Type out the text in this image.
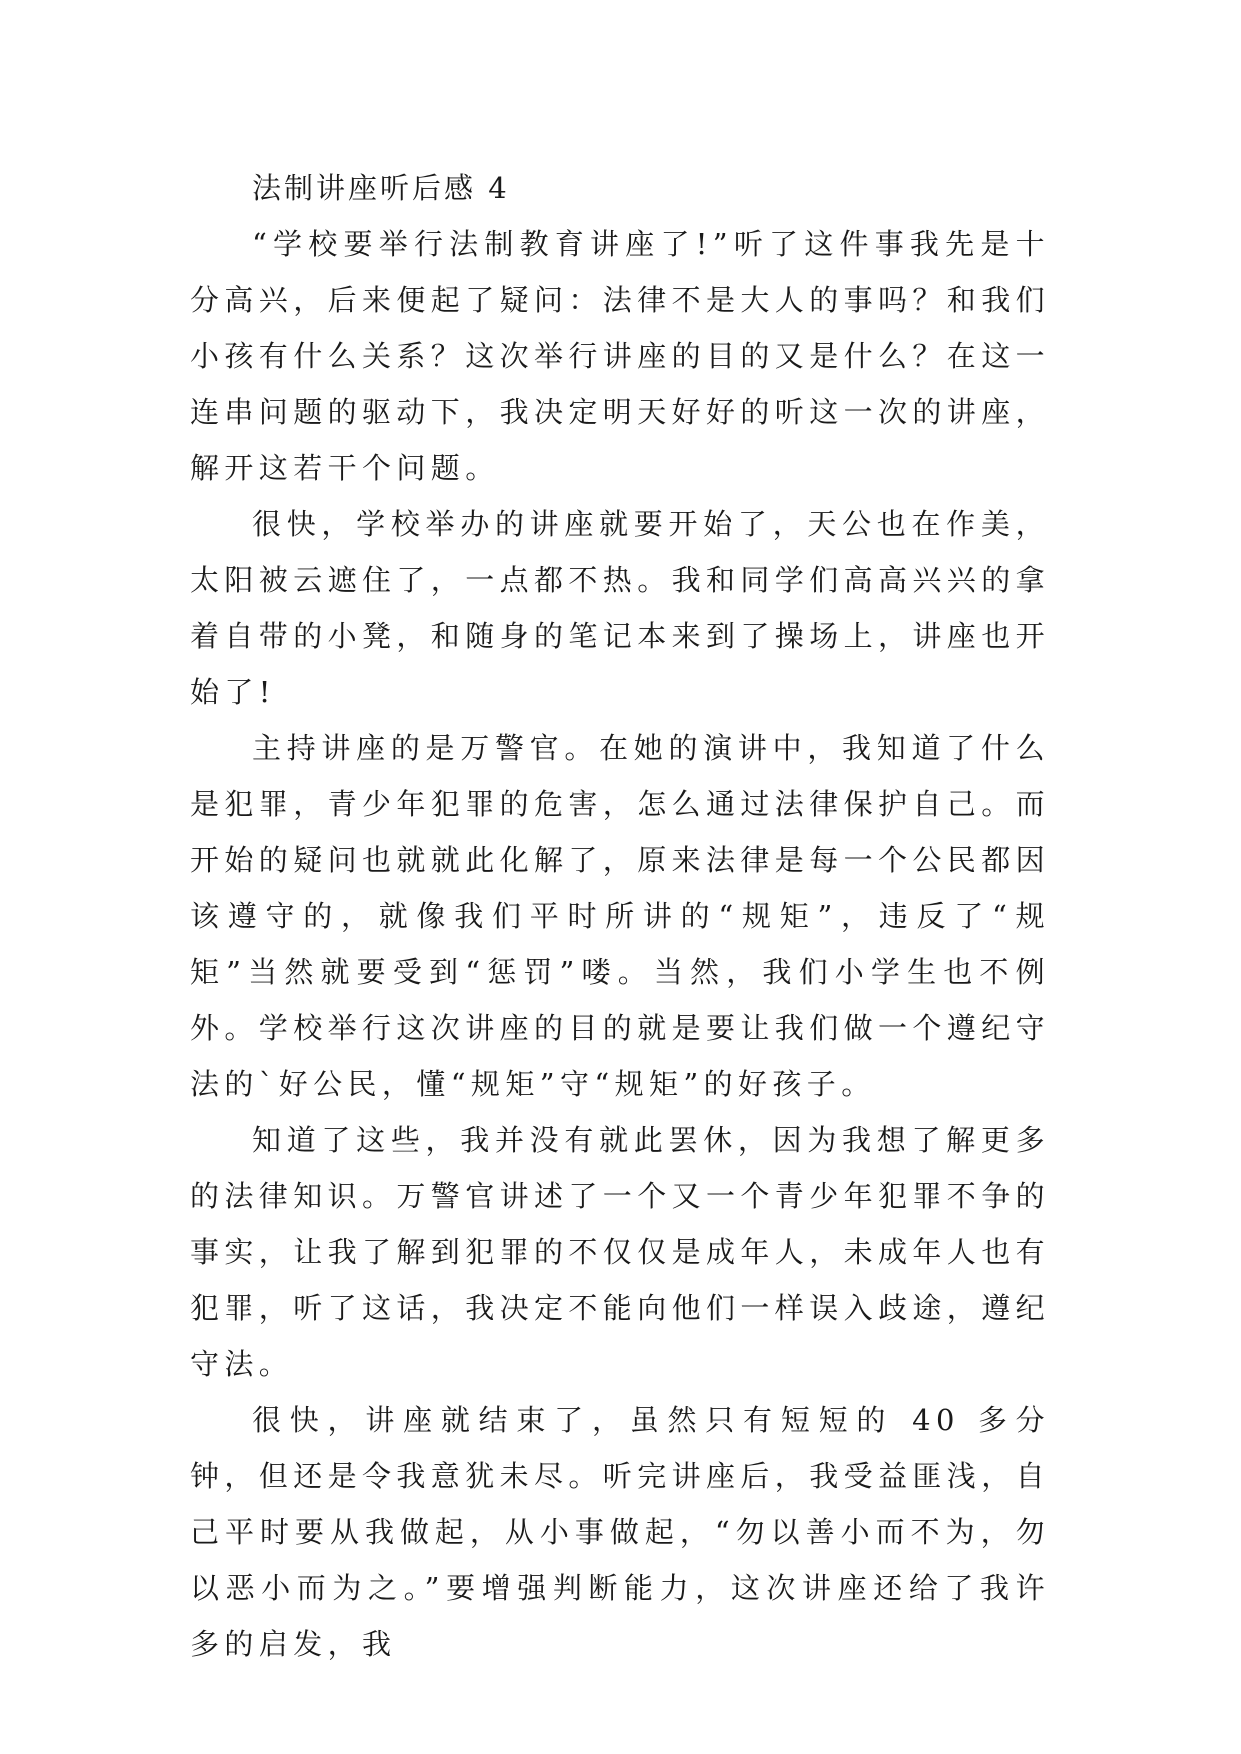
法制讲座听后感 4

“学校要举行法制教育讲座了!”听了这件事我先是十分高兴，后来便起了疑问：法律不是大人的事吗？和我们小孩有什么关系？这次举行讲座的目的又是什么？在这一连串问题的驱动下，我决定明天好好的听这一次的讲座，解开这若干个问题。

很快，学校举办的讲座就要开始了，天公也在作美，太阳被云遮住了，一点都不热。我和同学们高高兴兴的拿着自带的小凳，和随身的笔记本来到了操场上，讲座也开始了!

主持讲座的是万警官。在她的演讲中，我知道了什么是犯罪，青少年犯罪的危害，怎么通过法律保护自己。而开始的疑问也就就此化解了，原来法律是每一个公民都因该遵守的，就像我们平时所讲的“规矩”，违反了“规矩”当然就要受到“惩罚”喽。当然，我们小学生也不例外。学校举行这次讲座的目的就是要让我们做一个遵纪守法的`好公民，懂“规矩”守“规矩”的好孩子。

知道了这些，我并没有就此罢休，因为我想了解更多的法律知识。万警官讲述了一个又一个青少年犯罪不争的事实，让我了解到犯罪的不仅仅是成年人，未成年人也有犯罪，听了这话，我决定不能向他们一样误入歧途，遵纪守法。

很快，讲座就结束了，虽然只有短短的 40 多分钟，但还是令我意犹未尽。听完讲座后，我受益匪浅，自己平时要从我做起，从小事做起，“勿以善小而不为，勿以恶小而为之。”要增强判断能力，这次讲座还给了我许多的启发，我
